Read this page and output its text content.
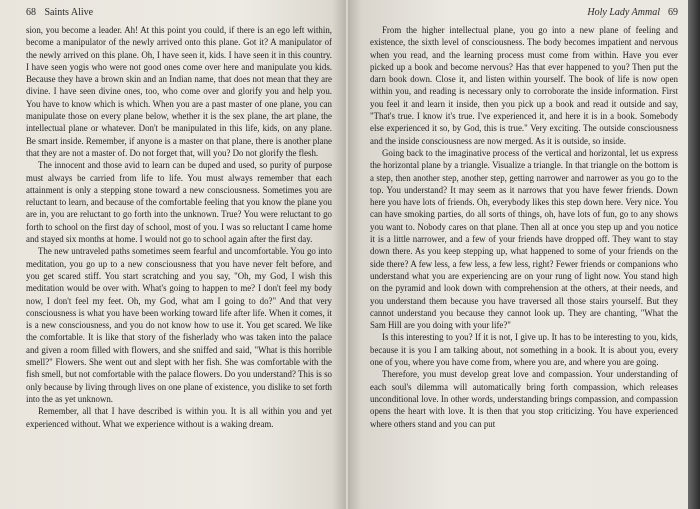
68 Saints Alive

sion, you become a leader. Ah! At this point you could, if there is an ego left within, become a manipulator of the newly arrived onto this plane. Got it? A manipulator of the newly arrived on this plane. Oh, I have seen it, kids. I have seen it in this country. I have seen yogis who were not good ones come over here and manipulate you kids. Because they have a brown skin and an Indian name, that does not mean that they are divine. I have seen divine ones, too, who come over and glorify you and help you. You have to know which is which. When you are a past master of one plane, you can manipulate those on every plane below, whether it is the sex plane, the art plane, the intellectual plane or whatever. Don't be manipulated in this life, kids, on any plane. Be smart inside. Remember, if anyone is a master on that plane, there is another plane that they are not a master of. Do not forget that, will you? Do not glorify the flesh.

The innocent and those avid to learn can be duped and used, so purity of purpose must always be carried from life to life. You must always remember that each attainment is only a stepping stone toward a new consciousness. Sometimes you are reluctant to learn, and because of the comfortable feeling that you know the plane you are in, you are reluctant to go forth into the unknown. True? You were reluctant to go forth to school on the first day of school, most of you. I was so reluctant I came home and stayed six months at home. I would not go to school again after the first day.

The new untraveled paths sometimes seem fearful and uncomfortable. You go into meditation, you go up to a new consciousness that you have never felt before, and you get scared stiff. You start scratching and you say, "Oh, my God, I wish this meditation would be over with. What's going to happen to me? I don't feel my body now, I don't feel my feet. Oh, my God, what am I going to do?" And that very consciousness is what you have been working toward life after life. When it comes, it is a new consciousness, and you do not know how to use it. You get scared. We like the comfortable. It is like that story of the fisherlady who was taken into the palace and given a room filled with flowers, and she sniffed and said, "What is this horrible smell?" Flowers. She went out and slept with her fish. She was comfortable with the fish smell, but not comfortable with the palace flowers. Do you understand? This is so only because by living through lives on one plane of existence, you dislike to set forth into the as yet unknown.

Remember, all that I have described is within you. It is all within you and yet experienced without. What we experience without is a waking dream.

Holy Lady Ammal 69

From the higher intellectual plane, you go into a new plane of feeling and existence, the sixth level of consciousness. The body becomes impatient and nervous when you read, and the learning process must come from within. Have you ever picked up a book and become nervous? Has that ever happened to you? Then put the darn book down. Close it, and listen within yourself. The book of life is now open within you, and reading is necessary only to corroborate the inside information. First you feel it and learn it inside, then you pick up a book and read it outside and say, "That's true. I know it's true. I've experienced it, and here it is in a book. Somebody else experienced it so, by God, this is true." Very exciting. The outside consciousness and the inside consciousness are now merged. As it is outside, so inside.

Going back to the imaginative process of the vertical and horizontal, let us express the horizontal plane by a triangle. Visualize a triangle. In that triangle on the bottom is a step, then another step, another step, getting narrower and narrower as you go to the top. You understand? It may seem as it narrows that you have fewer friends. Down here you have lots of friends. Oh, everybody likes this step down here. Very nice. You can have smoking parties, do all sorts of things, oh, have lots of fun, go to any shows you want to. Nobody cares on that plane. Then all at once you step up and you notice it is a little narrower, and a few of your friends have dropped off. They want to stay down there. As you keep stepping up, what happened to some of your friends on the side there? A few less, a few less, a few less, right? Fewer friends or companions who understand what you are experiencing are on your rung of light now. You stand high on the pyramid and look down with comprehension at the others, at their needs, and you understand them because you have traversed all those stairs yourself. But they cannot understand you because they cannot look up. They are chanting, "What the Sam Hill are you doing with your life?"

Is this interesting to you? If it is not, I give up. It has to be interesting to you, kids, because it is you I am talking about, not something in a book. It is about you, every one of you, where you have come from, where you are, and where you are going.

Therefore, you must develop great love and compassion. Your understanding of each soul's dilemma will automatically bring forth compassion, which releases unconditional love. In other words, understanding brings compassion, and compassion opens the heart with love. It is then that you stop criticizing. You have experienced where others stand and you can put
